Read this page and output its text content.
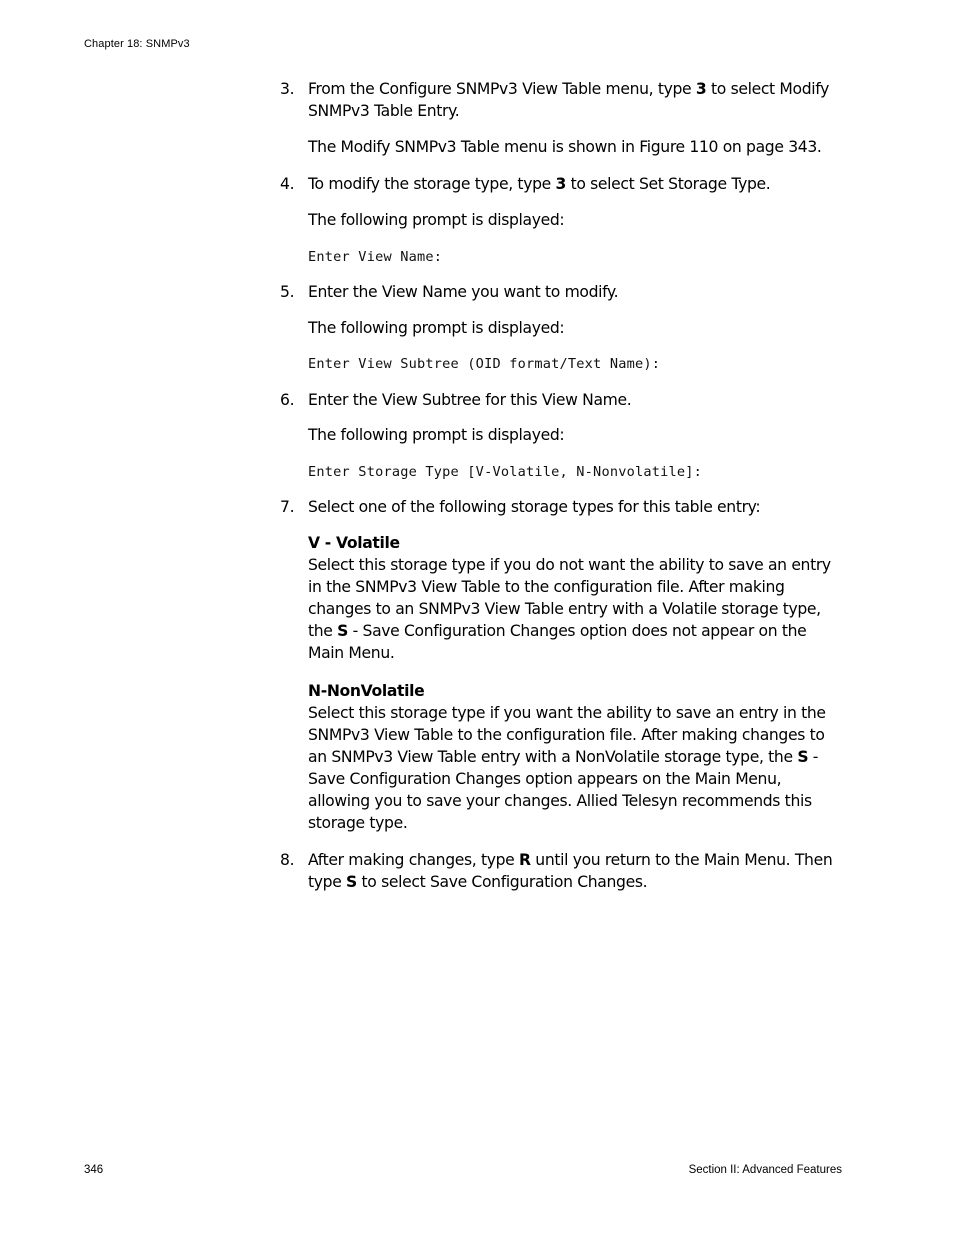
Chapter 18: SNMPv3

3. From the Configure SNMPv3 View Table menu, type 3 to select Modify SNMPv3 Table Entry.

The Modify SNMPv3 Table menu is shown in Figure 110 on page 343.

4. To modify the storage type, type 3 to select Set Storage Type.

The following prompt is displayed:

Enter View Name:

5. Enter the View Name you want to modify.

The following prompt is displayed:

Enter View Subtree (OID format/Text Name):

6. Enter the View Subtree for this View Name.

The following prompt is displayed:

Enter Storage Type [V-Volatile, N-Nonvolatile]:

7. Select one of the following storage types for this table entry:

V - Volatile

Select this storage type if you do not want the ability to save an entry in the SNMPv3 View Table to the configuration file. After making changes to an SNMPv3 View Table entry with a Volatile storage type, the S - Save Configuration Changes option does not appear on the Main Menu.

N-NonVolatile

Select this storage type if you want the ability to save an entry in the SNMPv3 View Table to the configuration file. After making changes to an SNMPv3 View Table entry with a NonVolatile storage type, the S - Save Configuration Changes option appears on the Main Menu, allowing you to save your changes. Allied Telesyn recommends this storage type.

8. After making changes, type R until you return to the Main Menu. Then type S to select Save Configuration Changes.

346	Section II: Advanced Features
